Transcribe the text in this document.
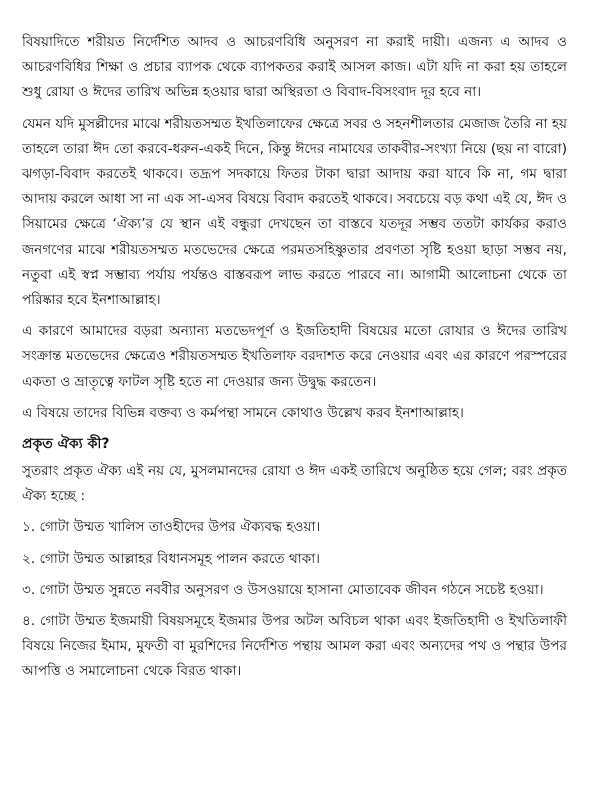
বিষয়াদিতে শরীয়ত নির্দেশিত আদব ও আচরণবিধি অনুসরণ না করাই দায়ী। এজন্য এ আদব ও আচরণবিধির শিক্ষা ও প্রচার ব্যাপক থেকে ব্যাপকতর করাই আসল কাজ। এটা যদি না করা হয় তাহলে শুধু রোযা ও ঈদের তারিখ অভিন্ন হওয়ার দ্বারা অস্থিরতা ও বিবাদ-বিসংবাদ দূর হবে না।

যেমন যদি মুসল্লীদের মাঝে শরীয়তসম্মত ইখতিলাফের ক্ষেত্রে সবর ও সহনশীলতার মেজাজ তৈরি না হয় তাহলে তারা ঈদ তো করবে-ধরুন-একই দিনে, কিন্তু ঈদের নামাযের তাকবীর-সংখ্যা নিয়ে (ছয় না বারো) ঝগড়া-বিবাদ করতেই থাকবে। তদ্রূপ সদকায়ে ফিতর টাকা দ্বারা আদায় করা যাবে কি না, গম দ্বারা আদায় করলে আধা সা না এক সা-এসব বিষয়ে বিবাদ করতেই থাকবে। সবচেয়ে বড় কথা এই যে, ঈদ ও সিয়ামের ক্ষেত্রে ‘ঐক্য’র যে স্থান এই বন্ধুরা দেখছেন তা বাস্তবে যতদূর সম্ভব ততটা কার্যকর করাও জনগণের মাঝে শরীয়তসম্মত মতভেদের ক্ষেত্রে পরমতসহিষ্ণুতার প্রবণতা সৃষ্টি হওয়া ছাড়া সম্ভব নয়, নতুবা এই স্বপ্ন সম্ভাব্য পর্যায় পর্যন্তও বাস্তবরূপ লাভ করতে পারবে না। আগামী আলোচনা থেকে তা পরিষ্কার হবে ইনশাআল্লাহ।

এ কারণে আমাদের বড়রা অন্যান্য মতভেদপূর্ণ ও ইজতিহাদী বিষয়ের মতো রোযার ও ঈদের তারিখ সংক্রান্ত মতভেদের ক্ষেত্রেও শরীয়তসম্মত ইখতিলাফ বরদাশত করে নেওয়ার এবং এর কারণে পরস্পরের একতা ও ভ্রাতৃত্বে ফাটল সৃষ্টি হতে না দেওয়ার জন্য উদ্বুদ্ধ করতেন।

এ বিষয়ে তাদের বিভিন্ন বক্তব্য ও কর্মপন্থা সামনে কোথাও উল্লেখ করব ইনশাআল্লাহ।

প্রকৃত ঐক্য কী?

সুতরাং প্রকৃত ঐক্য এই নয় যে, মুসলমানদের রোযা ও ঈদ একই তারিখে অনুষ্ঠিত হয়ে গেল; বরং প্রকৃত ঐক্য হচ্ছে :

১. গোটা উম্মত খালিস তাওহীদের উপর ঐক্যবদ্ধ হওয়া।

২. গোটা উম্মত আল্লাহর বিধানসমূহ পালন করতে থাকা।

৩. গোটা উম্মত সুন্নতে নববীর অনুসরণ ও উসওয়ায়ে হাসানা মোতাবেক জীবন গঠনে সচেষ্ট হওয়া।

৪. গোটা উম্মত ইজমায়ী বিষয়সমূহে ইজমার উপর অটল অবিচল থাকা এবং ইজতিহাদী ও ইখতিলাফী বিষয়ে নিজের ইমাম, মুফতী বা মুরশিদের নির্দেশিত পন্থায় আমল করা এবং অন্যদের পথ ও পন্থার উপর আপত্তি ও সমালোচনা থেকে বিরত থাকা।
